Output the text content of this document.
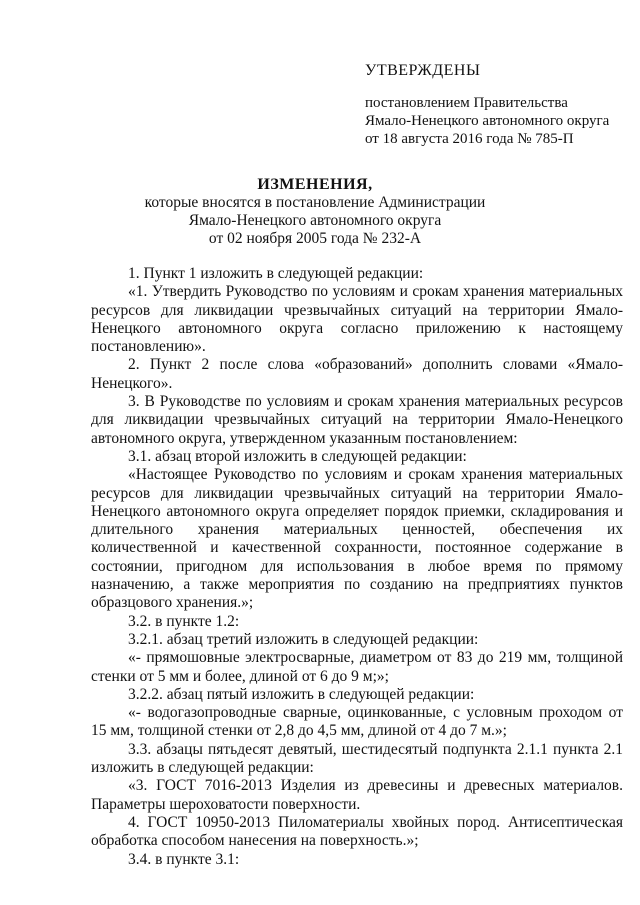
УТВЕРЖДЕНЫ
постановлением Правительства
Ямало-Ненецкого автономного округа
от 18 августа 2016 года № 785-П
ИЗМЕНЕНИЯ,
которые вносятся в постановление Администрации
Ямало-Ненецкого автономного округа
от 02 ноября 2005 года № 232-А

1. Пункт 1 изложить в следующей редакции:

«1. Утвердить Руководство по условиям и срокам хранения материальных ресурсов для ликвидации чрезвычайных ситуаций на территории Ямало-Ненецкого автономного округа согласно приложению к настоящему постановлению».

2. Пункт 2 после слова «образований» дополнить словами «Ямало-Ненецкого».

3. В Руководстве по условиям и срокам хранения материальных ресурсов для ликвидации чрезвычайных ситуаций на территории Ямало-Ненецкого автономного округа, утвержденном указанным постановлением:

3.1. абзац второй изложить в следующей редакции:

«Настоящее Руководство по условиям и срокам хранения материальных ресурсов для ликвидации чрезвычайных ситуаций на территории Ямало-Ненецкого автономного округа определяет порядок приемки, складирования и длительного хранения материальных ценностей, обеспечения их количественной и качественной сохранности, постоянное содержание в состоянии, пригодном для использования в любое время по прямому назначению, а также мероприятия по созданию на предприятиях пунктов образцового хранения.»;

3.2. в пункте 1.2:

3.2.1. абзац третий изложить в следующей редакции:

«- прямошовные электросварные, диаметром от 83 до 219 мм, толщиной стенки от 5 мм и более, длиной от 6 до 9 м;»;

3.2.2. абзац пятый изложить в следующей редакции:

«- водогазопроводные сварные, оцинкованные, с условным проходом от 15 мм, толщиной стенки от 2,8 до 4,5 мм, длиной от 4 до 7 м.»;

3.3. абзацы пятьдесят девятый, шестидесятый подпункта 2.1.1 пункта 2.1 изложить в следующей редакции:

«3. ГОСТ 7016-2013 Изделия из древесины и древесных материалов. Параметры шероховатости поверхности.

4. ГОСТ 10950-2013 Пиломатериалы хвойных пород. Антисептическая обработка способом нанесения на поверхность.»;

3.4. в пункте 3.1:
